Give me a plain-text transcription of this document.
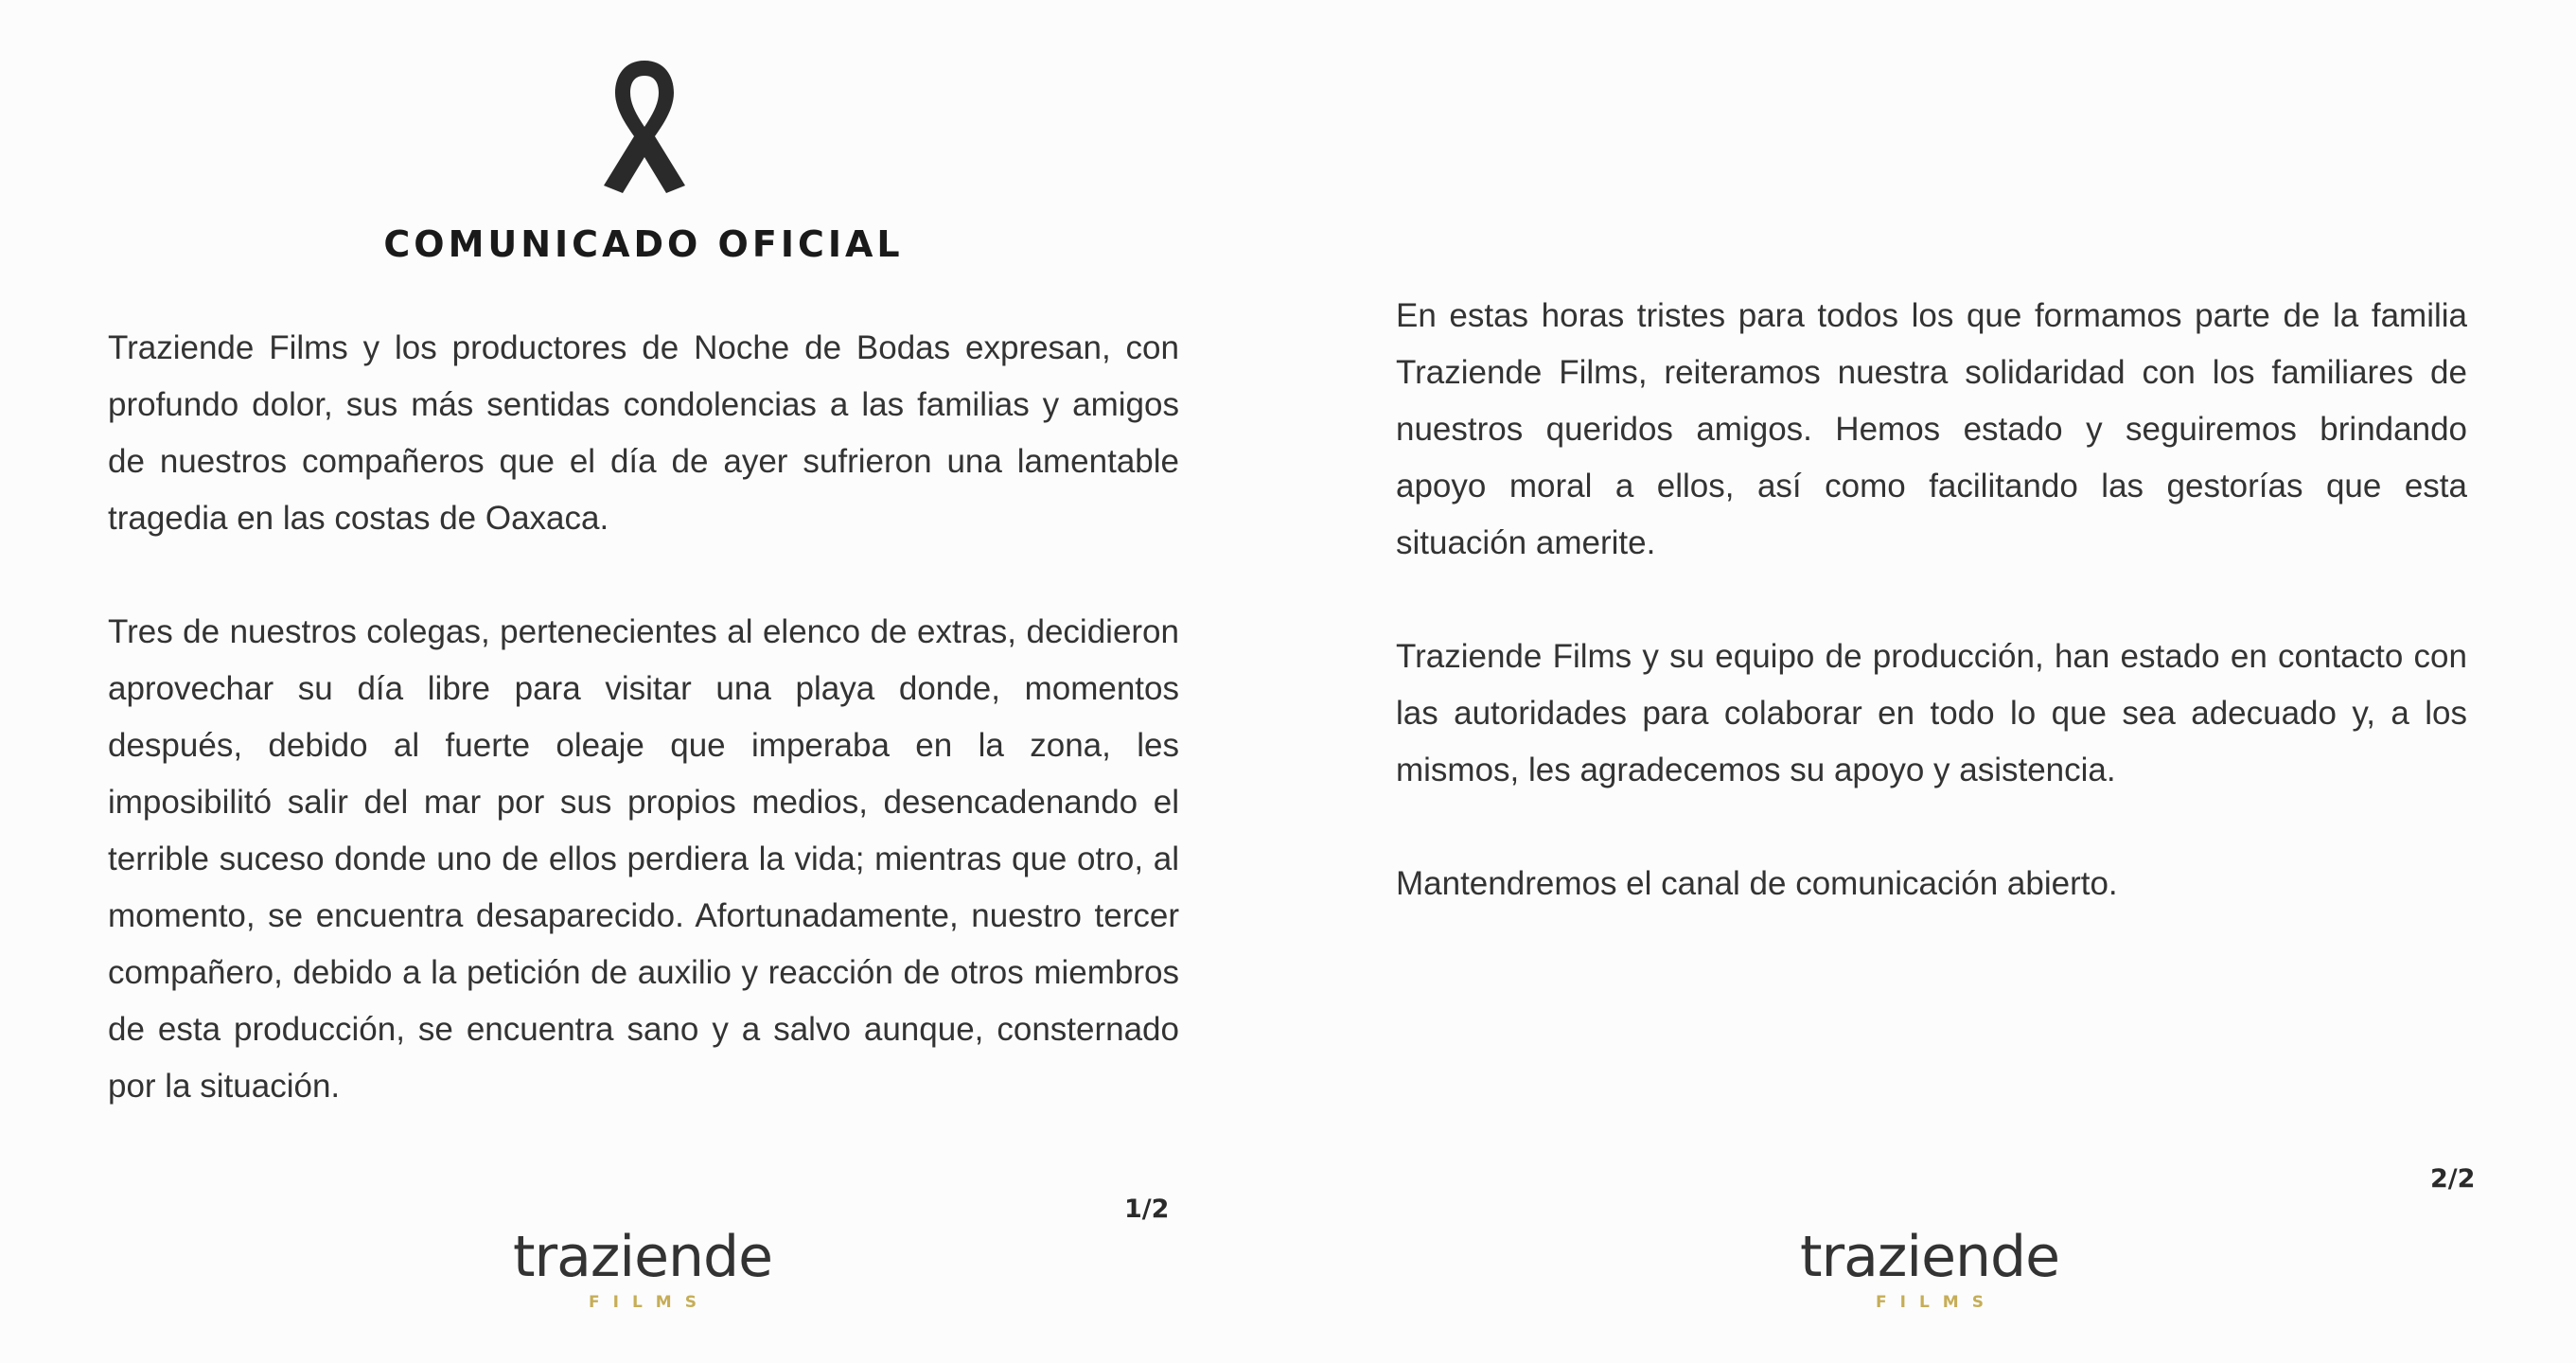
COMUNICADO OFICIAL

Traziende Films y los productores de Noche de Bodas expresan, con profundo dolor, sus más sentidas condolencias a las familias y amigos de nuestros compañeros que el día de ayer sufrieron una lamentable tragedia en las costas de Oaxaca.

Tres de nuestros colegas, pertenecientes al elenco de extras, decidieron aprovechar su día libre para visitar una playa donde, momentos después, debido al fuerte oleaje que imperaba en la zona, les imposibilitó salir del mar por sus propios medios, desencadenando el terrible suceso donde uno de ellos perdiera la vida; mientras que otro, al momento, se encuentra desaparecido. Afortunadamente, nuestro tercer compañero, debido a la petición de auxilio y reacción de otros miembros de esta producción, se encuentra sano y a salvo aunque, consternado por la situación.

1/2
traziende
FILMS

En estas horas tristes para todos los que formamos parte de la familia Traziende Films, reiteramos nuestra solidaridad con los familiares de nuestros queridos amigos. Hemos estado y seguiremos brindando apoyo moral a ellos, así como facilitando las gestorías que esta situación amerite.

Traziende Films y su equipo de producción, han estado en contacto con las autoridades para colaborar en todo lo que sea adecuado y, a los mismos, les agradecemos su apoyo y asistencia.

Mantendremos el canal de comunicación abierto.

2/2
traziende
FILMS
